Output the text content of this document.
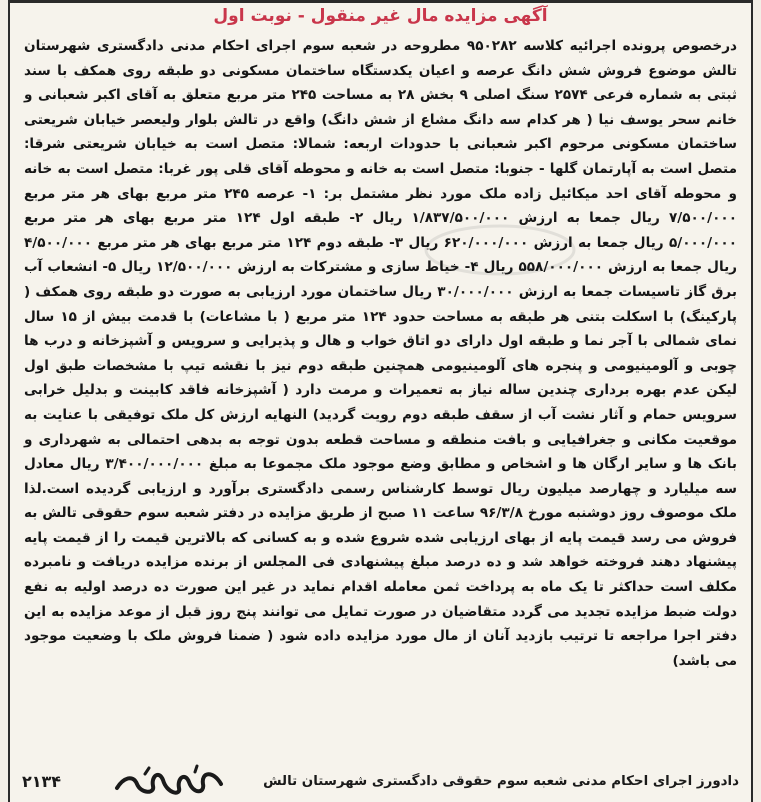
آگهی مزایده مال غیر منقول - نوبت اول

درخصوص پرونده اجرائیه کلاسه ۹۵۰۲۸۲ مطروحه در شعبه سوم اجرای احکام مدنی دادگستری شهرستان تالش موضوع فروش شش دانگ عرصه و اعیان یکدستگاه ساختمان مسکونی دو طبقه روی همکف با سند ثبتی به شماره فرعی ۲۵۷۴ سنگ اصلی ۹ بخش ۲۸ به مساحت ۲۴۵ متر مربع متعلق به آقای اکبر شعبانی و خانم سحر یوسف نیا ( هر کدام سه دانگ مشاع از شش دانگ) واقع در تالش بلوار ولیعصر خیابان شریعتی ساختمان مسکونی مرحوم اکبر شعبانی با حدودات اربعه: شمالا: متصل است به خیابان شریعتی شرقا: متصل است به آپارتمان گلها - جنوبا: متصل است به خانه و محوطه آقای قلی پور غربا: متصل است به خانه و محوطه آقای احد میکائیل زاده ملک مورد نظر مشتمل بر: ۱- عرصه ۲۴۵ متر مربع بهای هر متر مربع ۷/۵۰۰/۰۰۰ ریال جمعا به ارزش ۱/۸۳۷/۵۰۰/۰۰۰ ریال ۲- طبقه اول ۱۲۴ متر مربع بهای هر متر مربع ۵/۰۰۰/۰۰۰ ریال جمعا به ارزش ۶۲۰/۰۰۰/۰۰۰ ریال ۳- طبقه دوم ۱۲۴ متر مربع بهای هر متر مربع ۴/۵۰۰/۰۰۰ ریال جمعا به ارزش ۵۵۸/۰۰۰/۰۰۰ ریال ۴- خیاط سازی و مشترکات به ارزش ۱۲/۵۰۰/۰۰۰ ریال ۵- انشعاب آب برق گاز تاسیسات جمعا به ارزش ۳۰/۰۰۰/۰۰۰ ریال ساختمان مورد ارزیابی به صورت دو طبقه روی همکف ( پارکینگ) با اسکلت بتنی هر طبقه به مساحت حدود ۱۲۴ متر مربع ( با مشاعات) با قدمت بیش از ۱۵ سال نمای شمالی با آجر نما و طبقه اول دارای دو اتاق خواب و هال و پذیرایی و سرویس و آشپزخانه و درب ها چوبی و آلومینیومی و پنجره های آلومینیومی همچنین طبقه دوم نیز با نقشه تیپ با مشخصات طبق اول لیکن عدم بهره برداری چندین ساله نیاز به تعمیرات و مرمت دارد ( آشپزخانه فاقد کابینت و بدلیل خرابی سرویس حمام و آثار نشت آب از سقف طبقه دوم رویت گردید) النهایه ارزش کل ملک توفیقی با عنایت به موقعیت مکانی و جغرافیایی و بافت منطقه و مساحت قطعه بدون توجه به بدهی احتمالی به شهرداری و بانک ها و سایر ارگان ها و اشخاص و مطابق وضع موجود ملک مجموعا به مبلغ ۳/۴۰۰/۰۰۰/۰۰۰ ریال معادل سه میلیارد و چهارصد میلیون ریال توسط کارشناس رسمی دادگستری برآورد و ارزیابی گردیده است.لذا ملک موصوف روز دوشنبه مورخ ۹۶/۳/۸ ساعت ۱۱ صبح از طریق مزایده در دفتر شعبه سوم حقوقی تالش به فروش می رسد قیمت پایه از بهای ارزیابی شده شروع شده و به کسانی که بالاترین قیمت را از قیمت پایه پیشنهاد دهند فروخته خواهد شد و ده درصد مبلغ پیشنهادی فی المجلس از برنده مزایده دریافت و نامبرده مکلف است حداکثر تا یک ماه به پرداخت ثمن معامله اقدام نماید در غیر این صورت ده درصد اولیه به نفع دولت ضبط مزایده تجدید می گردد متقاضیان در صورت تمایل می توانند پنج روز قبل از موعد مزایده به این دفتر اجرا مراجعه تا ترتیب بازدید آنان از مال مورد مزایده داده شود ( ضمنا فروش ملک با وضعیت موجود می باشد)

دادورز اجرای احکام مدنی شعبه سوم حقوقی دادگستری شهرستان تالش
۲۱۳۴
